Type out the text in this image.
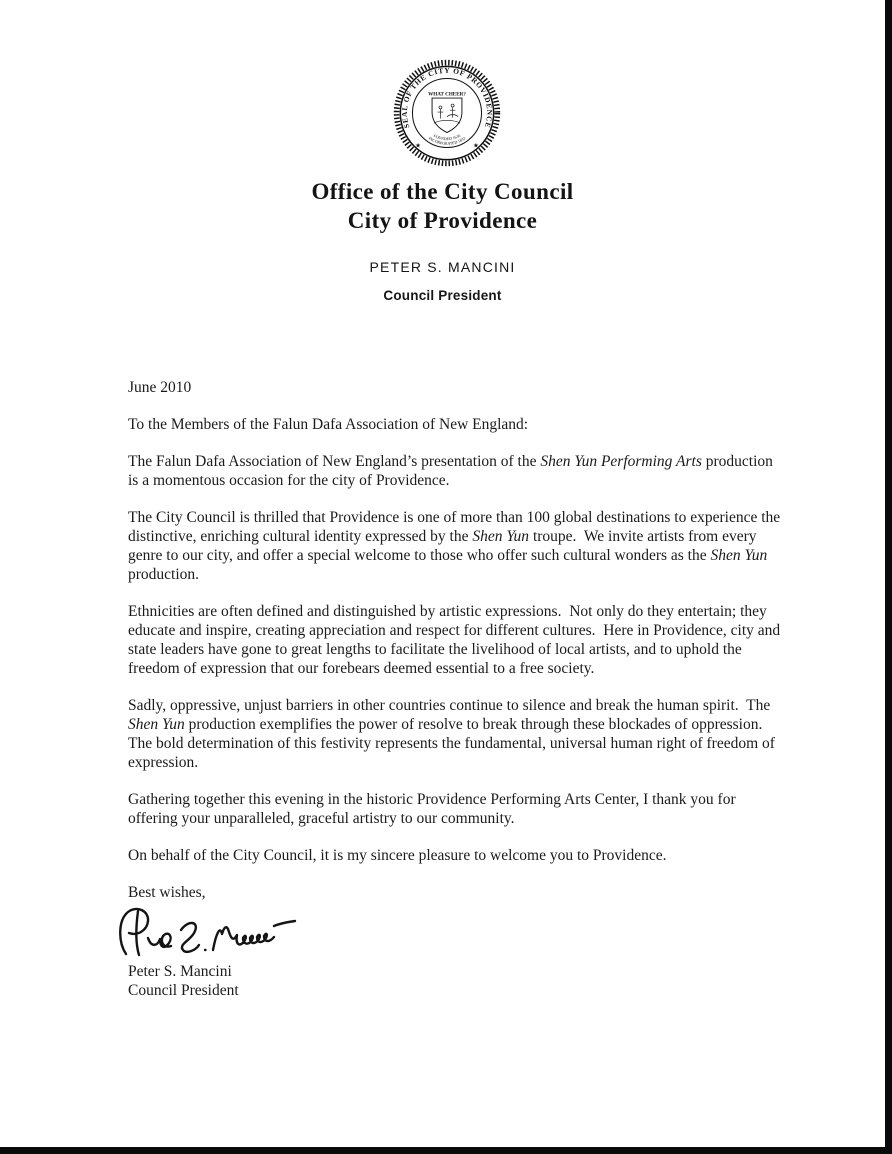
SEAL OF THE CITY OF PROVIDENCE
★	★
WHAT CHEER?
FOUNDED 1636
INCORPORATED 1832
Office of the City Council
City of Providence
PETER S. MANCINI
Council President

June 2010

To the Members of the Falun Dafa Association of New England:

The Falun Dafa Association of New England’s presentation of the Shen Yun Performing Arts production is a momentous occasion for the city of Providence.

The City Council is thrilled that Providence is one of more than 100 global destinations to experience the distinctive, enriching cultural identity expressed by the Shen Yun troupe.  We invite artists from every genre to our city, and offer a special welcome to those who offer such cultural wonders as the Shen Yun production.

Ethnicities are often defined and distinguished by artistic expressions.  Not only do they entertain; they educate and inspire, creating appreciation and respect for different cultures.  Here in Providence, city and state leaders have gone to great lengths to facilitate the livelihood of local artists, and to uphold the freedom of expression that our forebears deemed essential to a free society.

Sadly, oppressive, unjust barriers in other countries continue to silence and break the human spirit.  The Shen Yun production exemplifies the power of resolve to break through these blockades of oppression.  The bold determination of this festivity represents the fundamental, universal human right of freedom of expression.

Gathering together this evening in the historic Providence Performing Arts Center, I thank you for offering your unparalleled, graceful artistry to our community.

On behalf of the City Council, it is my sincere pleasure to welcome you to Providence.

Best wishes,

Peter S. Mancini

Council President
